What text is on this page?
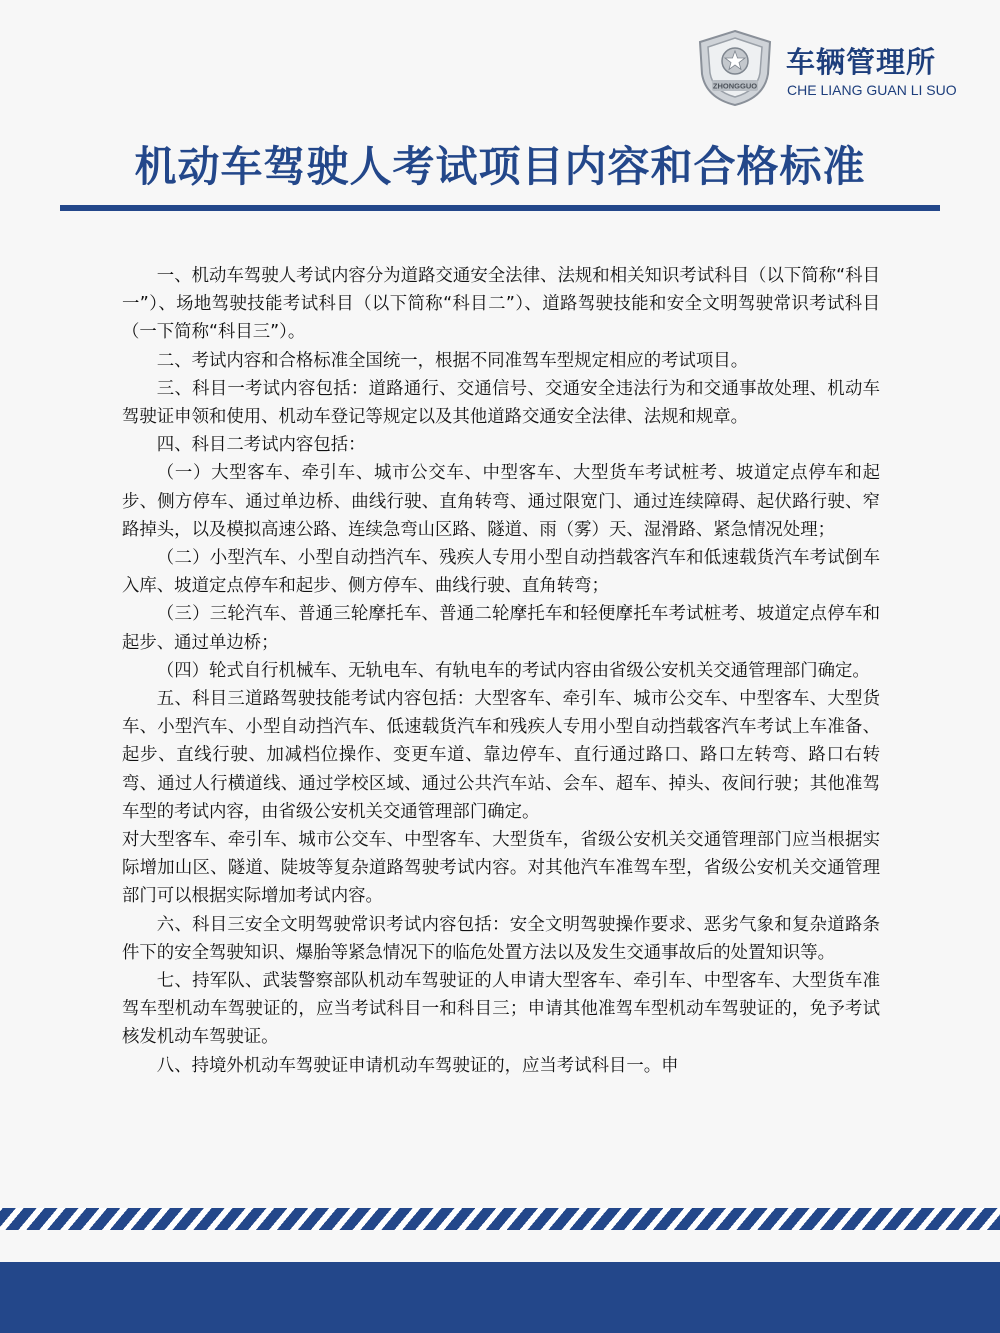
ZHONGGUO
车辆管理所
CHE LIANG GUAN LI SUO
机动车驾驶人考试项目内容和合格标准

一、机动车驾驶人考试内容分为道路交通安全法律、法规和相关知识考试科目（以下简称“科目一”）、场地驾驶技能考试科目（以下简称“科目二”）、道路驾驶技能和安全文明驾驶常识考试科目（一下简称“科目三”）。

二、考试内容和合格标准全国统一，根据不同准驾车型规定相应的考试项目。

三、科目一考试内容包括：道路通行、交通信号、交通安全违法行为和交通事故处理、机动车驾驶证申领和使用、机动车登记等规定以及其他道路交通安全法律、法规和规章。

四、科目二考试内容包括：

（一）大型客车、牵引车、城市公交车、中型客车、大型货车考试桩考、坡道定点停车和起步、侧方停车、通过单边桥、曲线行驶、直角转弯、通过限宽门、通过连续障碍、起伏路行驶、窄路掉头，以及模拟高速公路、连续急弯山区路、隧道、雨（雾）天、湿滑路、紧急情况处理；

（二）小型汽车、小型自动挡汽车、残疾人专用小型自动挡载客汽车和低速载货汽车考试倒车入库、坡道定点停车和起步、侧方停车、曲线行驶、直角转弯；

（三）三轮汽车、普通三轮摩托车、普通二轮摩托车和轻便摩托车考试桩考、坡道定点停车和起步、通过单边桥；

（四）轮式自行机械车、无轨电车、有轨电车的考试内容由省级公安机关交通管理部门确定。

五、科目三道路驾驶技能考试内容包括：大型客车、牵引车、城市公交车、中型客车、大型货车、小型汽车、小型自动挡汽车、低速载货汽车和残疾人专用小型自动挡载客汽车考试上车准备、起步、直线行驶、加减档位操作、变更车道、靠边停车、直行通过路口、路口左转弯、路口右转弯、通过人行横道线、通过学校区域、通过公共汽车站、会车、超车、掉头、夜间行驶；其他准驾车型的考试内容，由省级公安机关交通管理部门确定。

对大型客车、牵引车、城市公交车、中型客车、大型货车，省级公安机关交通管理部门应当根据实际增加山区、隧道、陡坡等复杂道路驾驶考试内容。对其他汽车准驾车型，省级公安机关交通管理部门可以根据实际增加考试内容。

六、科目三安全文明驾驶常识考试内容包括：安全文明驾驶操作要求、恶劣气象和复杂道路条件下的安全驾驶知识、爆胎等紧急情况下的临危处置方法以及发生交通事故后的处置知识等。

七、持军队、武装警察部队机动车驾驶证的人申请大型客车、牵引车、中型客车、大型货车准驾车型机动车驾驶证的，应当考试科目一和科目三；申请其他准驾车型机动车驾驶证的，免予考试核发机动车驾驶证。

八、持境外机动车驾驶证申请机动车驾驶证的，应当考试科目一。申
